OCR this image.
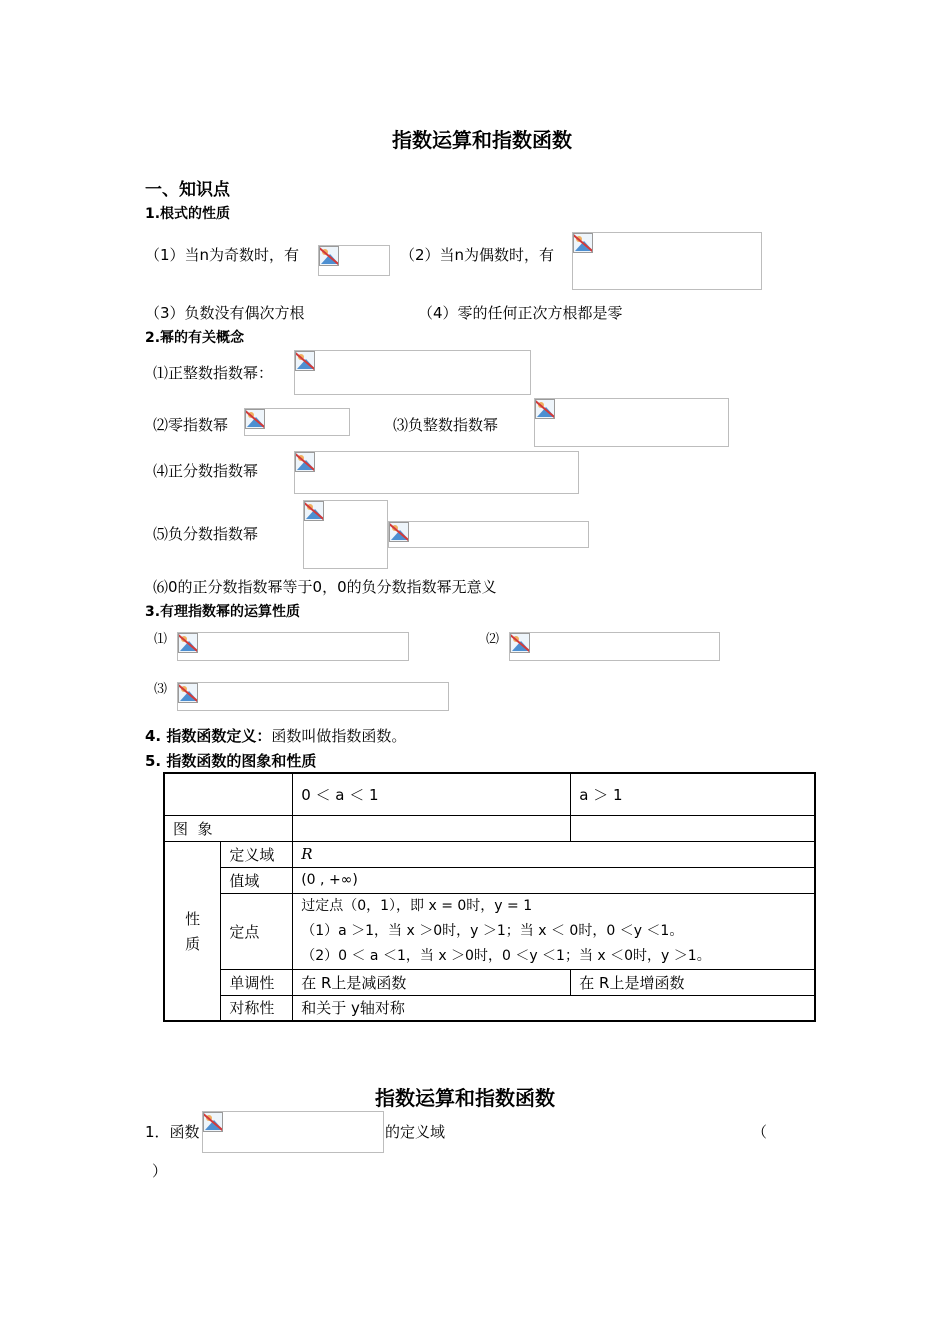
指数运算和指数函数
一、知识点
1.根式的性质
（1）当n为奇数时，有	（2）当n为偶数时，有
（3）负数没有偶次方根	（4）零的任何正次方根都是零
2.幂的有关概念
⑴正整数指数幂：
⑵零指数幂	⑶负整数指数幂
⑷正分数指数幂
⑸负分数指数幂
⑹0的正分数指数幂等于0，0的负分数指数幂无意义
3.有理指数幂的运算性质
⑴	⑵
⑶
4. 指数函数定义：函数叫做指数函数。
5. 指数函数的图象和性质
		0 ＜ a ＜ 1	a ＞ 1
图  象			

性
质	定义域	R	
	值域	(0 , +∞)	
	定点	过定点（0，1），即 x = 0时，y = 1
（1）a ＞1，当 x ＞0时，y ＞1；当 x ＜ 0时，0 ＜y ＜1。
（2）0 ＜ a ＜1，当 x ＞0时，0 ＜y ＜1；当 x ＜0时，y ＞1。	

	单调性	在 R上是减函数	在 R上是增函数
	对称性	和关于 y轴对称	
指数运算和指数函数
1．函数	的定义域	（
）
